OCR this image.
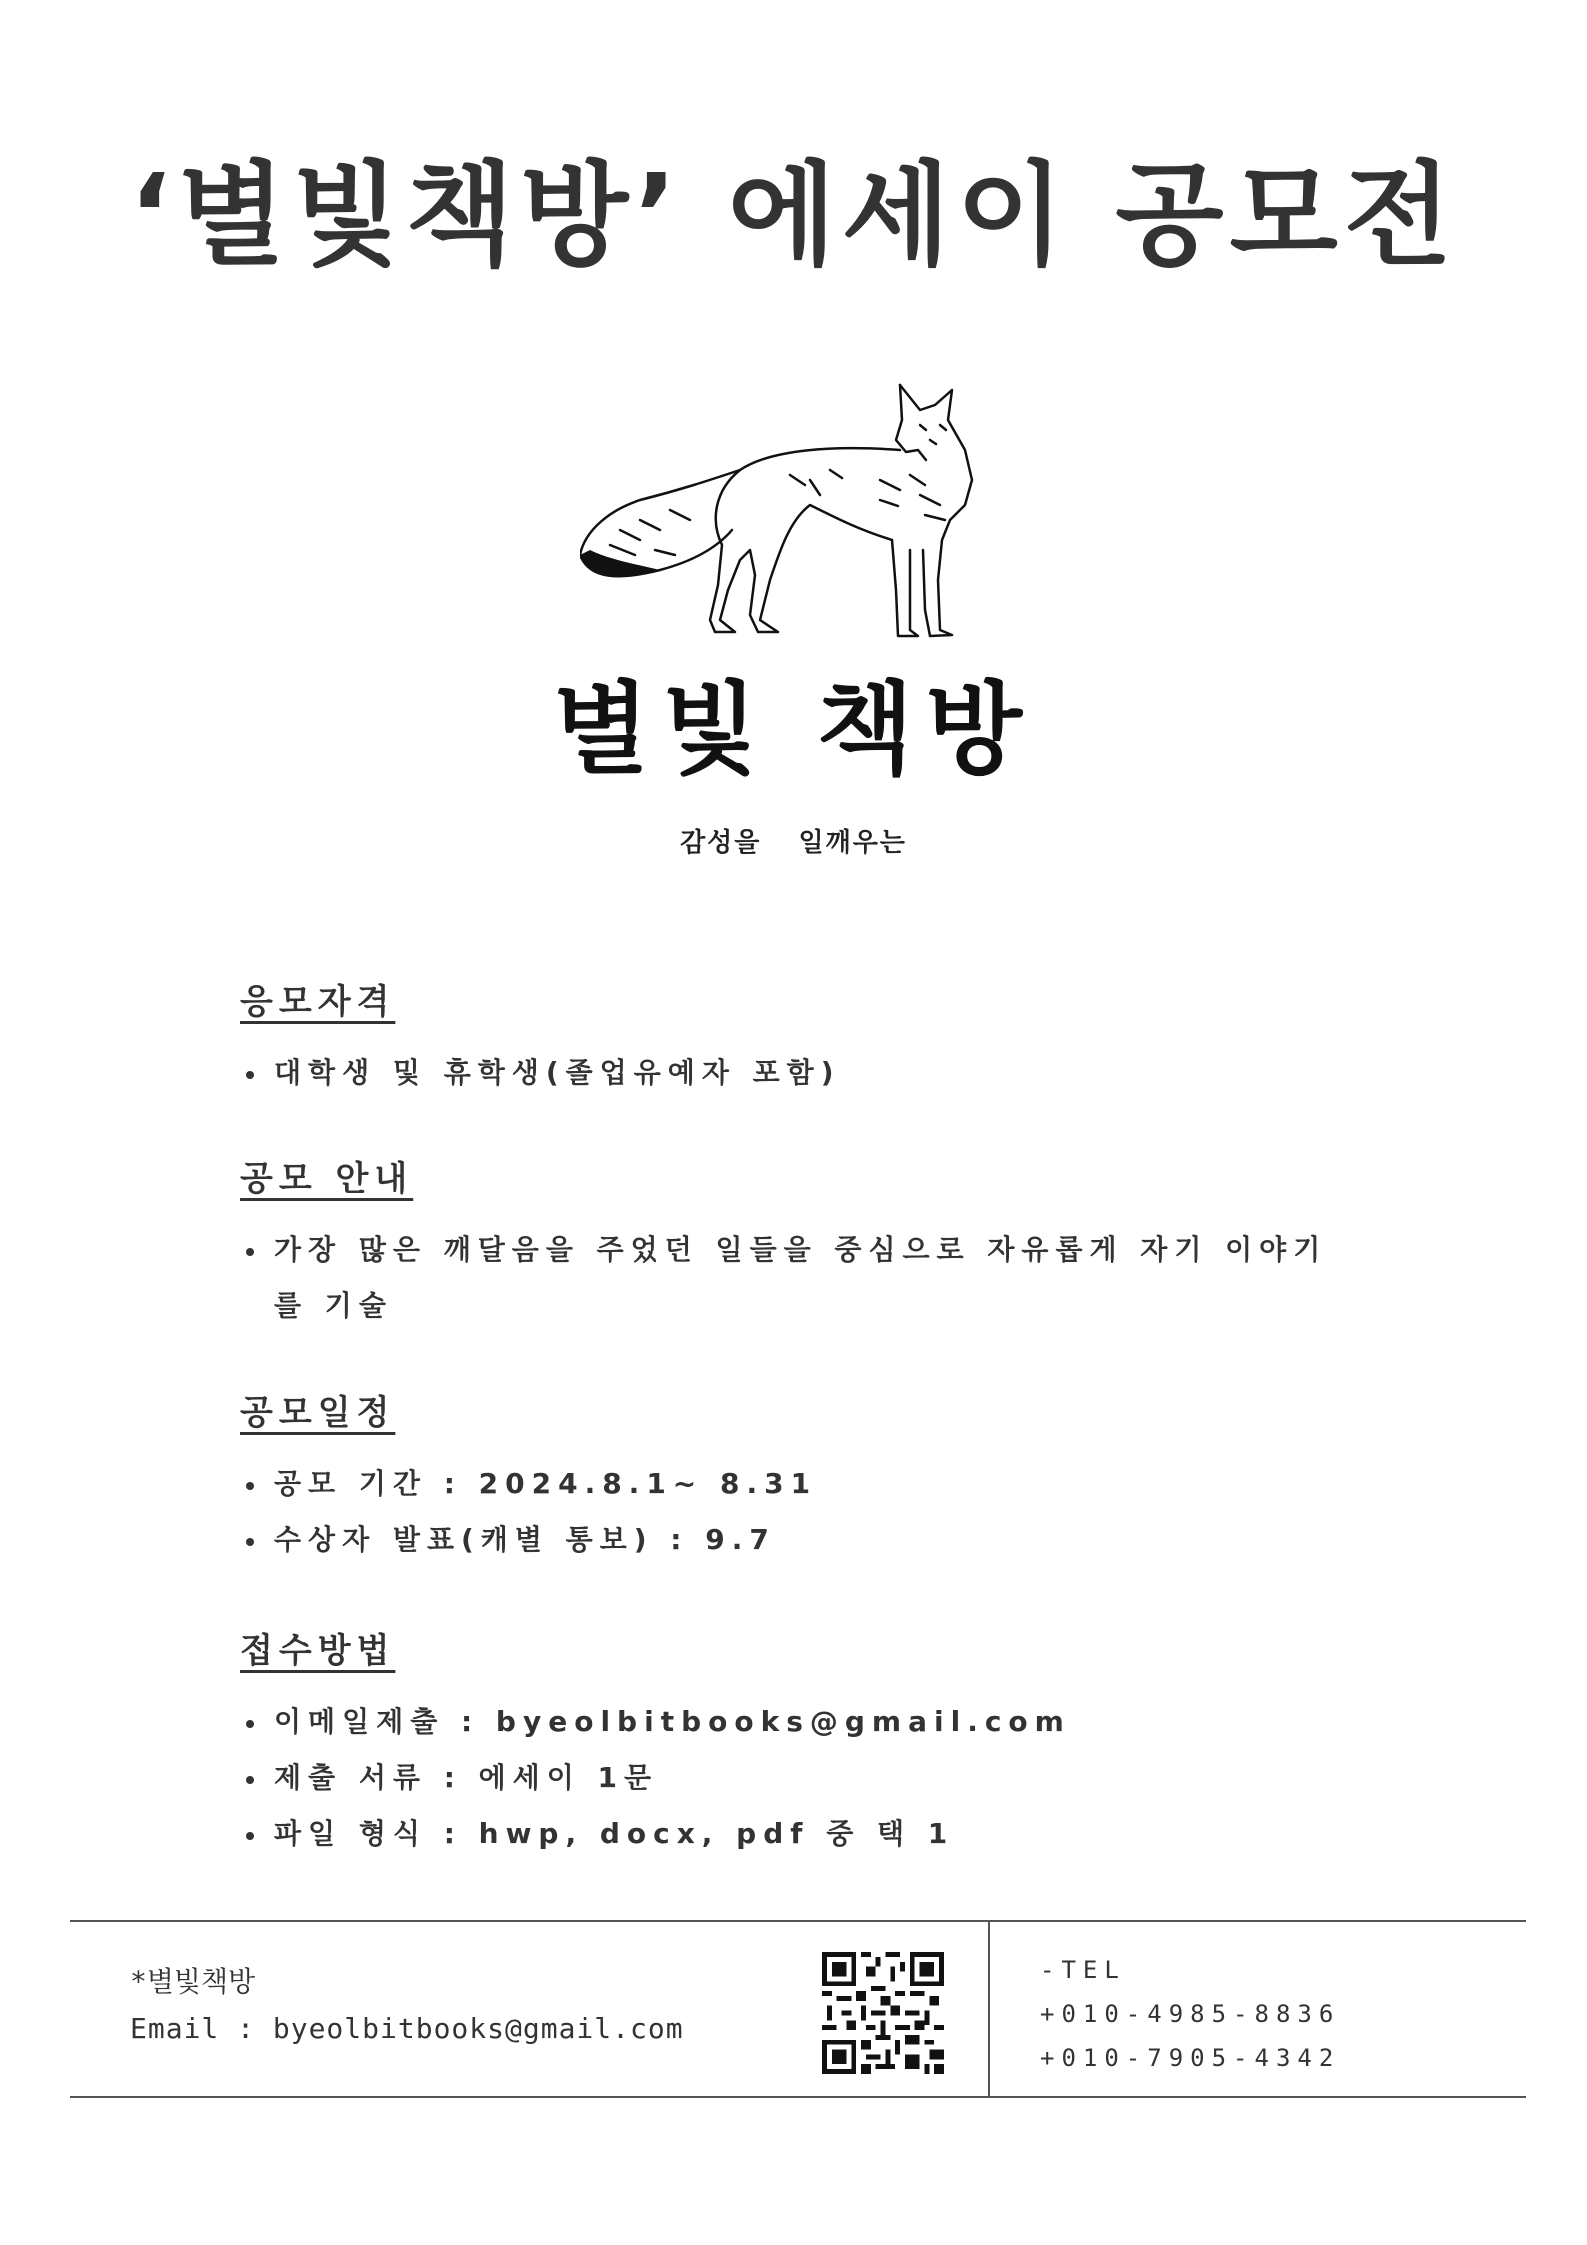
‘별빛책방’ 에세이 공모전
별빛 책방
감성을 일깨우는
응모자격
대학생 및 휴학생(졸업유예자 포함)
공모 안내
가장 많은 깨달음을 주었던 일들을 중심으로 자유롭게 자기 이야기를 기술
공모일정
공모 기간 : 2024.8.1~ 8.31
수상자 발표(캐별 통보) : 9.7
접수방법
이메일제출 : byeolbitbooks@gmail.com
제출 서류 : 에세이 1문
파일 형식 : hwp, docx, pdf 중 택 1
*별빛책방
Email : byeolbitbooks@gmail.com
-TEL
+010-4985-8836
+010-7905-4342
